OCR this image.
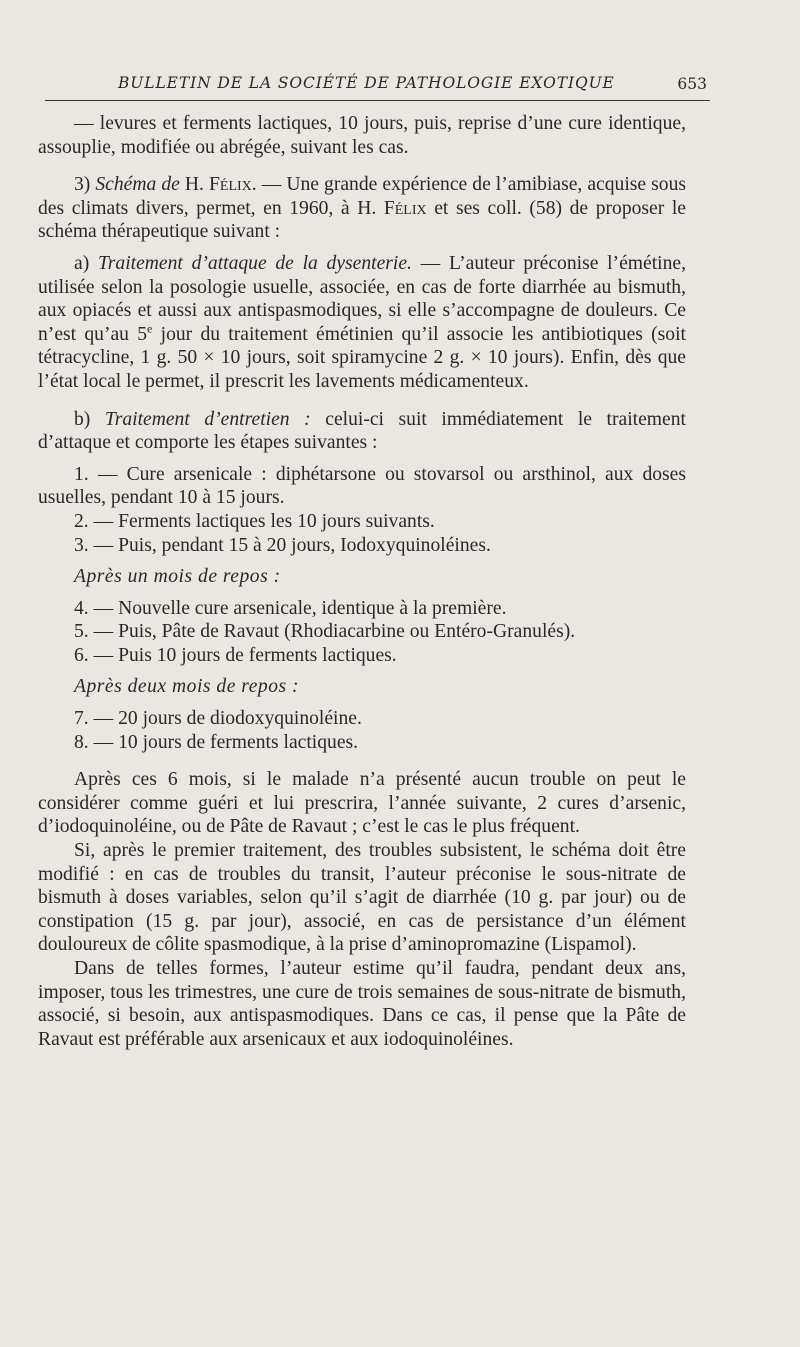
BULLETIN DE LA SOCIÉTÉ DE PATHOLOGIE EXOTIQUE	653

— levures et ferments lactiques, 10 jours, puis, reprise d’une cure identique, assouplie, modifiée ou abrégée, suivant les cas.

3) Schéma de H. Félix. — Une grande expérience de l’amibiase, acquise sous des climats divers, permet, en 1960, à H. Félix et ses coll. (58) de proposer le schéma thérapeutique suivant :

a) Traitement d’attaque de la dysenterie. — L’auteur préconise l’émétine, utilisée selon la posologie usuelle, associée, en cas de forte diarrhée au bismuth, aux opiacés et aussi aux antispasmodiques, si elle s’accompagne de douleurs. Ce n’est qu’au 5e jour du traitement émétinien qu’il associe les antibiotiques (soit tétracycline, 1 g. 50 × 10 jours, soit spiramycine 2 g. × 10 jours). Enfin, dès que l’état local le permet, il prescrit les lavements médicamenteux.

b) Traitement d’entretien : celui-ci suit immédiatement le traitement d’attaque et comporte les étapes suivantes :

1. — Cure arsenicale : diphétarsone ou stovarsol ou arsthinol, aux doses usuelles, pendant 10 à 15 jours.

2. — Ferments lactiques les 10 jours suivants.

3. — Puis, pendant 15 à 20 jours, Iodoxyquinoléines.

Après un mois de repos :

4. — Nouvelle cure arsenicale, identique à la première.

5. — Puis, Pâte de Ravaut (Rhodiacarbine ou Entéro-Granulés).

6. — Puis 10 jours de ferments lactiques.

Après deux mois de repos :

7. — 20 jours de diodoxyquinoléine.

8. — 10 jours de ferments lactiques.

Après ces 6 mois, si le malade n’a présenté aucun trouble on peut le considérer comme guéri et lui prescrira, l’année suivante, 2 cures d’arsenic, d’iodoquinoléine, ou de Pâte de Ravaut ; c’est le cas le plus fréquent.

Si, après le premier traitement, des troubles subsistent, le schéma doit être modifié : en cas de troubles du transit, l’auteur préconise le sous-nitrate de bismuth à doses variables, selon qu’il s’agit de diarrhée (10 g. par jour) ou de constipation (15 g. par jour), associé, en cas de persistance d’un élément douloureux de côlite spasmodique, à la prise d’aminopromazine (Lispamol).

Dans de telles formes, l’auteur estime qu’il faudra, pendant deux ans, imposer, tous les trimestres, une cure de trois semaines de sous-nitrate de bismuth, associé, si besoin, aux antispasmodiques. Dans ce cas, il pense que la Pâte de Ravaut est préférable aux arsenicaux et aux iodoquinoléines.
